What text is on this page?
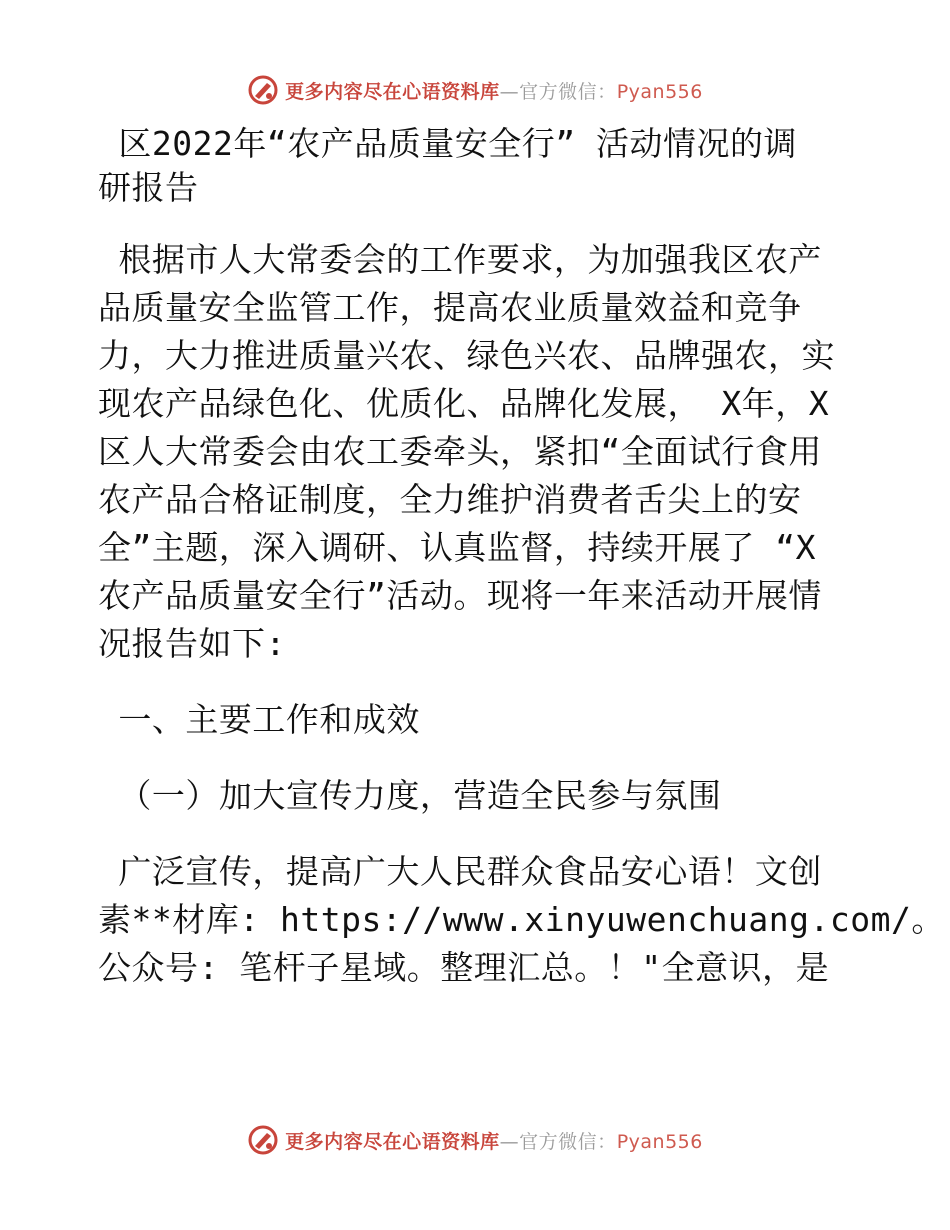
更多内容尽在心语资料库—官方微信：Pyan556
区2022年“农产品质量安全行” 活动情况的调
研报告
根据市人大常委会的工作要求，为加强我区农产
品质量安全监管工作，提高农业质量效益和竞争
力，大力推进质量兴农、绿色兴农、品牌强农，实
现农产品绿色化、优质化、品牌化发展， X年，X
区人大常委会由农工委牵头，紧扣“全面试行食用
农产品合格证制度，全力维护消费者舌尖上的安
全”主题，深入调研、认真监督，持续开展了 “X
农产品质量安全行”活动。现将一年来活动开展情
况报告如下:
一、主要工作和成效
（一）加大宣传力度，营造全民参与氛围
广泛宣传，提高广大人民群众食品安心语！文创
素**材库: https://www.xinyuwenchuang.com/。
公众号: 笔杆子星域。整理汇总。！"全意识，是
更多内容尽在心语资料库—官方微信：Pyan556
